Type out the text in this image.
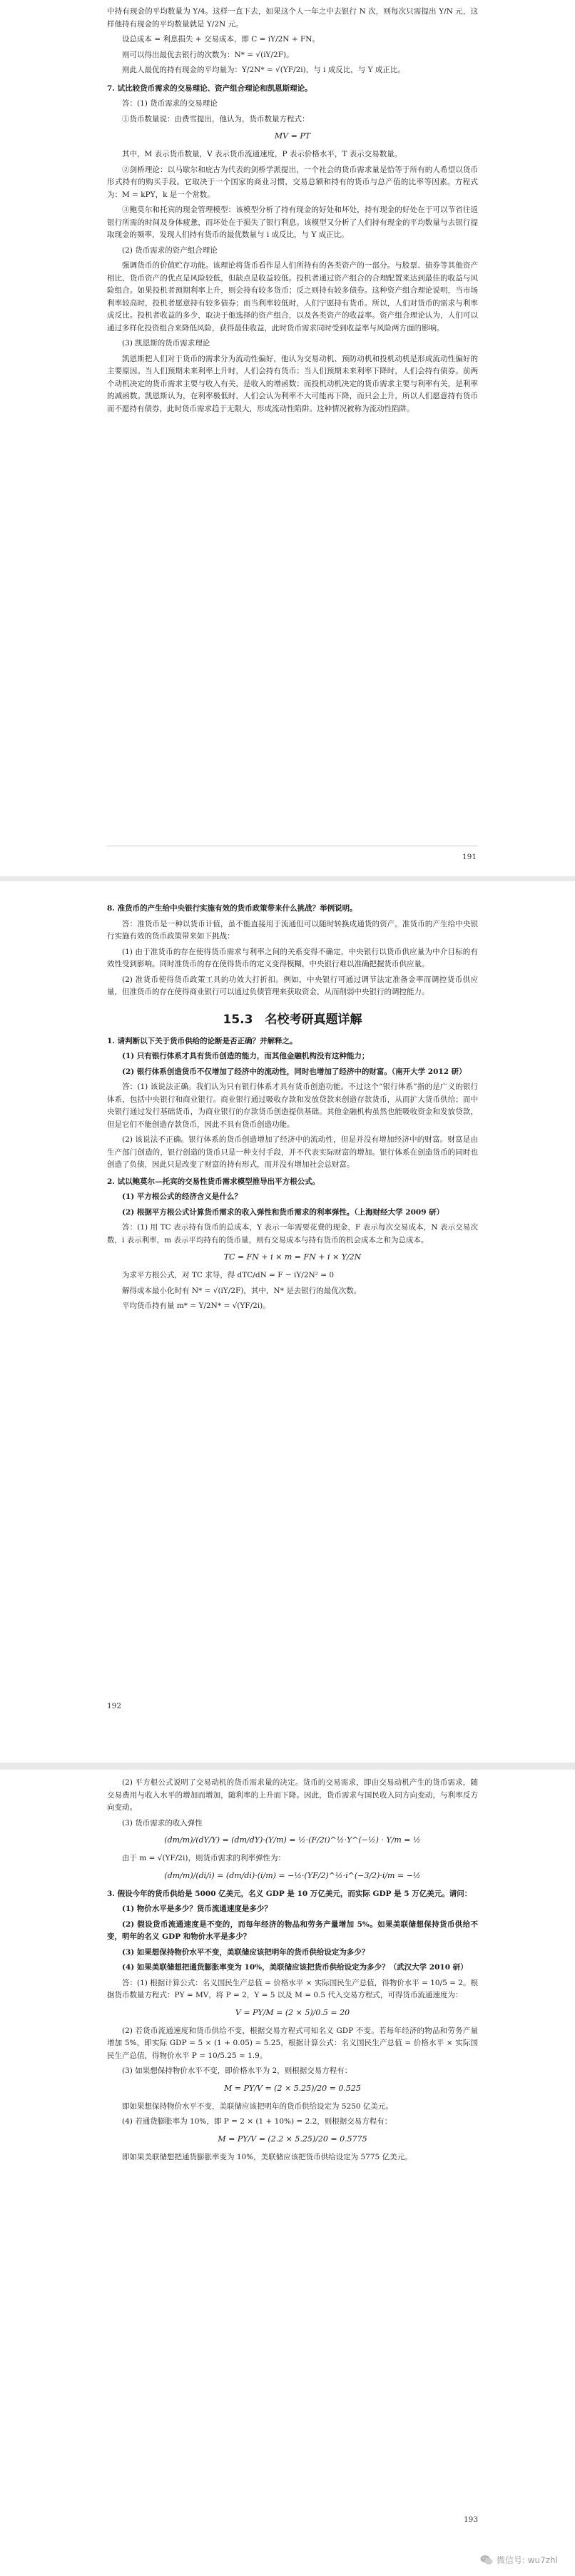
中持有现金的平均数量为 Y/4。这样一直下去，如果这个人一年之中去银行 N 次，则每次只需提出 Y/N 元，这样他持有现金的平均数量就是 Y/2N 元。

设总成本 = 利息损失 + 交易成本，即 C = iY/2N + FN。

则可以得出最优去银行的次数为：N* = √(iY/2F)。

则此人最优的持有现金的平均量为：Y/2N* = √(YF/2i)，与 i 成反比，与 Y 成正比。

7. 试比较货币需求的交易理论、资产组合理论和凯恩斯理论。

答：(1) 货币需求的交易理论

①货币数量说：由费雪提出，他认为，货币数量方程式：

MV = PT

其中，M 表示货币数量，V 表示货币流通速度，P 表示价格水平，T 表示交易数量。

②剑桥理论：以马歇尔和庇古为代表的剑桥学派提出，一个社会的货币需求量是恰等于所有的人希望以货币形式持有的购买手段。它取决于一个国家的商业习惯，交易总额和持有的货币与总产值的比率等因素。方程式为：M = kPY，k 是一个常数。

③鲍莫尔和托宾的现金管理模型：该模型分析了持有现金的好处和坏处，持有现金的好处在于可以节省往返银行所需的时间及身体疲惫，而坏处在于损失了银行利息。该模型又分析了人们持有现金的平均数量与去银行提取现金的频率，发现人们持有货币的最优数量与 i 成反比，与 Y 成正比。

(2) 货币需求的资产组合理论

强调货币的价值贮存功能。该理论将货币看作是人们所持有的各类资产的一部分。与股票、债券等其他资产相比，货币资产的优点是风险较低，但缺点是收益较低。投机者通过资产组合的合理配置来达到最佳的收益与风险组合。如果投机者预期利率上升，则会持有较多货币；反之则持有较多债券。这种资产组合理论说明，当市场利率较高时，投机者愿意持有较多债券；而当利率较低时，人们宁愿持有货币。所以，人们对货币的需求与利率成反比。投机者收益的多少，取决于他选择的资产组合，以及各类资产的收益率。资产组合理论认为，人们可以通过多样化投资组合来降低风险，获得最佳收益，此时货币需求同时受到收益率与风险两方面的影响。

(3) 凯恩斯的货币需求理论

凯恩斯把人们对于货币的需求分为流动性偏好，他认为交易动机、预防动机和投机动机是形成流动性偏好的主要原因。当人们预期未来利率上升时，人们会持有货币；当人们预期未来利率下降时，人们会持有债券。前两个动机决定的货币需求主要与收入有关，是收入的增函数；而投机动机决定的货币需求主要与利率有关，是利率的减函数。凯恩斯认为，在利率极低时，人们会认为利率不大可能再下降，而只会上升，所以人们愿意持有货币而不愿持有债券，此时货币需求趋于无限大，形成流动性陷阱。这种情况被称为流动性陷阱。

191

8. 准货币的产生给中央银行实施有效的货币政策带来什么挑战？举例说明。

答：准货币是一种以货币计值，虽不能直接用于流通但可以随时转换成通货的资产。准货币的产生给中央银行实施有效的货币政策带来如下挑战：

(1) 由于准货币的存在使得货币需求与利率之间的关系变得不确定，中央银行以货币供应量为中介目标的有效性受到影响。同时准货币的存在使得货币的定义变得模糊，中央银行难以准确把握货币供应量。

(2) 准货币使得货币政策工具的功效大打折扣。例如，中央银行可通过调节法定准备金率而调控货币供应量，但准货币的存在使得商业银行可以通过负债管理来获取资金，从而削弱中央银行的调控能力。

15.3　名校考研真题详解

1. 请判断以下关于货币供给的论断是否正确？并解释之。

(1) 只有银行体系才具有货币创造的能力，而其他金融机构没有这种能力；

(2) 银行体系创造货币不仅增加了经济中的流动性，同时也增加了经济中的财富。（南开大学 2012 研）

答：(1) 该说法正确。我们认为只有银行体系才具有货币创造功能。不过这个“银行体系”指的是广义的银行体系，包括中央银行和商业银行。商业银行通过吸收存款和发放贷款来创造存款货币，从而扩大货币供给；而中央银行通过发行基础货币，为商业银行的存款货币创造提供基础。其他金融机构虽然也能吸收资金和发放贷款，但是它们不能创造存款货币，因此不具有货币创造功能。

(2) 该说法不正确。银行体系的货币创造增加了经济中的流动性，但是并没有增加经济中的财富。财富是由生产部门创造的，银行创造的货币只是一种支付手段，并不代表实际财富的增加。银行体系在创造货币的同时也创造了负债，因此只是改变了财富的持有形式，而并没有增加社会总财富。

2. 试以鲍莫尔—托宾的交易性货币需求模型推导出平方根公式。

(1) 平方根公式的经济含义是什么？

(2) 根据平方根公式计算货币需求的收入弹性和货币需求的利率弹性。（上海财经大学 2009 研）

答：(1) 用 TC 表示持有货币的总成本，Y 表示一年需要花费的现金，F 表示每次交易成本，N 表示交易次数，i 表示利率，m 表示平均持有的货币量，则有交易成本与持有货币的机会成本之和为总成本。

TC = FN + i × m = FN + i × Y/2N

为求平方根公式，对 TC 求导，得 dTC/dN = F − iY/2N² = 0

解得成本最小化时有 N* = √(iY/2F)，其中，N* 是去银行的最优次数。

平均货币持有量 m* = Y/2N* = √(YF/2i)。

192

(2) 平方根公式说明了交易动机的货币需求量的决定。货币的交易需求，即由交易动机产生的货币需求，随交易费用与收入水平的增加而增加，随利率的上升而下降。因此，货币需求与国民收入同方向变动，与利率反方向变动。

(3) 货币需求的收入弹性

(dm/m)/(dY/Y) = (dm/dY)·(Y/m) = ½·(F/2i)^½·Y^(−½) · Y/m = ½

由于 m = √(YF/2i)，则货币需求的利率弹性为：

(dm/m)/(di/i) = (dm/di)·(i/m) = −½·(YF/2)^½·i^(−3/2)·i/m = −½

3. 假设今年的货币供给是 5000 亿美元，名义 GDP 是 10 万亿美元，而实际 GDP 是 5 万亿美元。请问：

(1) 物价水平是多少？货币流通速度是多少？

(2) 假设货币流通速度是不变的，而每年经济的物品和劳务产量增加 5%。如果美联储想保持货币供给不变，明年的名义 GDP 和物价水平是多少？

(3) 如果想保持物价水平不变，美联储应该把明年的货币供给设定为多少？

(4) 如果美联储想把通货膨胀率变为 10%，美联储应该把货币供给设定为多少？（武汉大学 2010 研）

答：(1) 根据计算公式：名义国民生产总值 = 价格水平 × 实际国民生产总值，得物价水平 = 10/5 = 2。根据货币数量方程式：PY = MV，将 P = 2，Y = 5 以及 M = 0.5 代入交易方程式，可得货币流通速度为：

V = PY/M = (2 × 5)/0.5 = 20

(2) 若货币流通速度和货币供给不变，根据交易方程式可知名义 GDP 不变。若每年经济的物品和劳务产量增加 5%，即实际 GDP = 5 × (1 + 0.05) = 5.25，根据计算公式：名义国民生产总值 = 价格水平 × 实际国民生产总值，得物价水平 P = 10/5.25 ≈ 1.9。

(3) 如果想保持物价水平不变，即价格水平为 2，则根据交易方程有：

M = PY/V = (2 × 5.25)/20 = 0.525

即如果想保持物价水平不变，美联储应该把明年的货币供给设定为 5250 亿美元。

(4) 若通货膨胀率为 10%，即 P = 2 × (1 + 10%) = 2.2，则根据交易方程有：

M = PY/V = (2.2 × 5.25)/20 = 0.5775

即如果美联储想把通货膨胀率变为 10%，美联储应该把货币供给设定为 5775 亿美元。

193
微信号: wu7zhl
